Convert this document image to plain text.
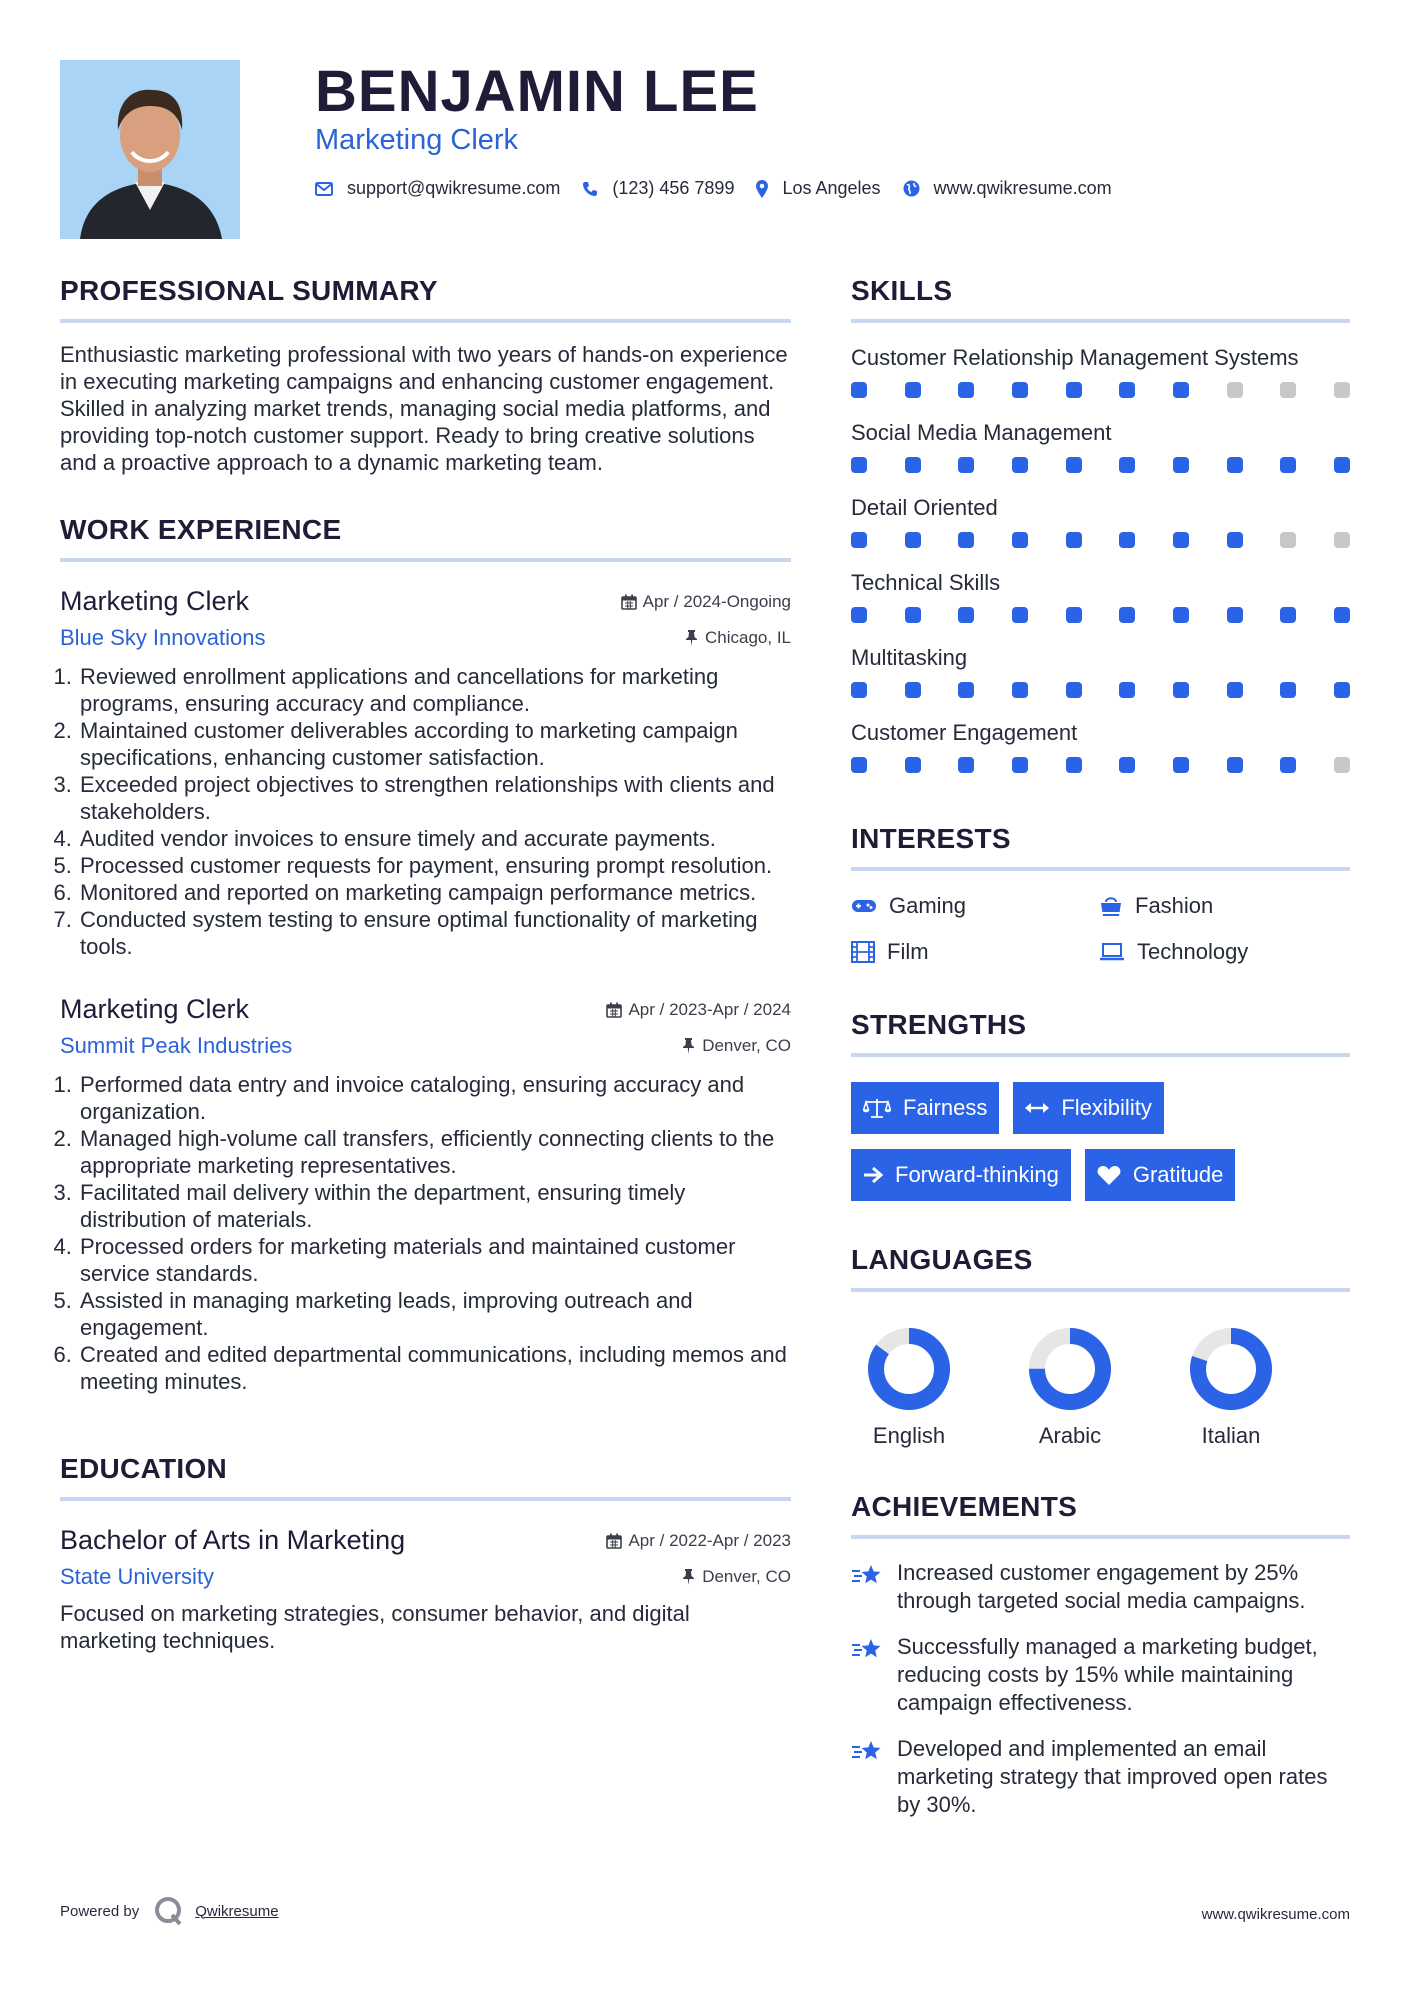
BENJAMIN LEE
Marketing Clerk
support@qwikresume.com	(123) 456 7899	Los Angeles	www.qwikresume.com
PROFESSIONAL SUMMARY

Enthusiastic marketing professional with two years of hands-on experience in executing marketing campaigns and enhancing customer engagement. Skilled in analyzing market trends, managing social media platforms, and providing top-notch customer support. Ready to bring creative solutions and a proactive approach to a dynamic marketing team.

WORK EXPERIENCE
Marketing Clerk	Apr / 2024-Ongoing
Blue Sky Innovations	Chicago, IL
1. Reviewed enrollment applications and cancellations for marketing programs, ensuring accuracy and compliance.
2. Maintained customer deliverables according to marketing campaign specifications, enhancing customer satisfaction.
3. Exceeded project objectives to strengthen relationships with clients and stakeholders.
4. Audited vendor invoices to ensure timely and accurate payments.
5. Processed customer requests for payment, ensuring prompt resolution.
6. Monitored and reported on marketing campaign performance metrics.
7. Conducted system testing to ensure optimal functionality of marketing tools.
Marketing Clerk	Apr / 2023-Apr / 2024
Summit Peak Industries	Denver, CO
1. Performed data entry and invoice cataloging, ensuring accuracy and organization.
2. Managed high-volume call transfers, efficiently connecting clients to the appropriate marketing representatives.
3. Facilitated mail delivery within the department, ensuring timely distribution of materials.
4. Processed orders for marketing materials and maintained customer service standards.
5. Assisted in managing marketing leads, improving outreach and engagement.
6. Created and edited departmental communications, including memos and meeting minutes.
EDUCATION
Bachelor of Arts in Marketing	Apr / 2022-Apr / 2023
State University	Denver, CO

Focused on marketing strategies, consumer behavior, and digital marketing techniques.

SKILLS
Customer Relationship Management Systems
Social Media Management
Detail Oriented
Technical Skills
Multitasking
Customer Engagement
INTERESTS
Gaming	Fashion
Film	Technology
STRENGTHS
Fairness	Flexibility
Forward-thinking	Gratitude
LANGUAGES
English	Arabic	Italian
ACHIEVEMENTS
Increased customer engagement by 25% through targeted social media campaigns.
Successfully managed a marketing budget, reducing costs by 15% while maintaining campaign effectiveness.
Developed and implemented an email marketing strategy that improved open rates by 30%.
Powered by	Qwikresume	www.qwikresume.com
